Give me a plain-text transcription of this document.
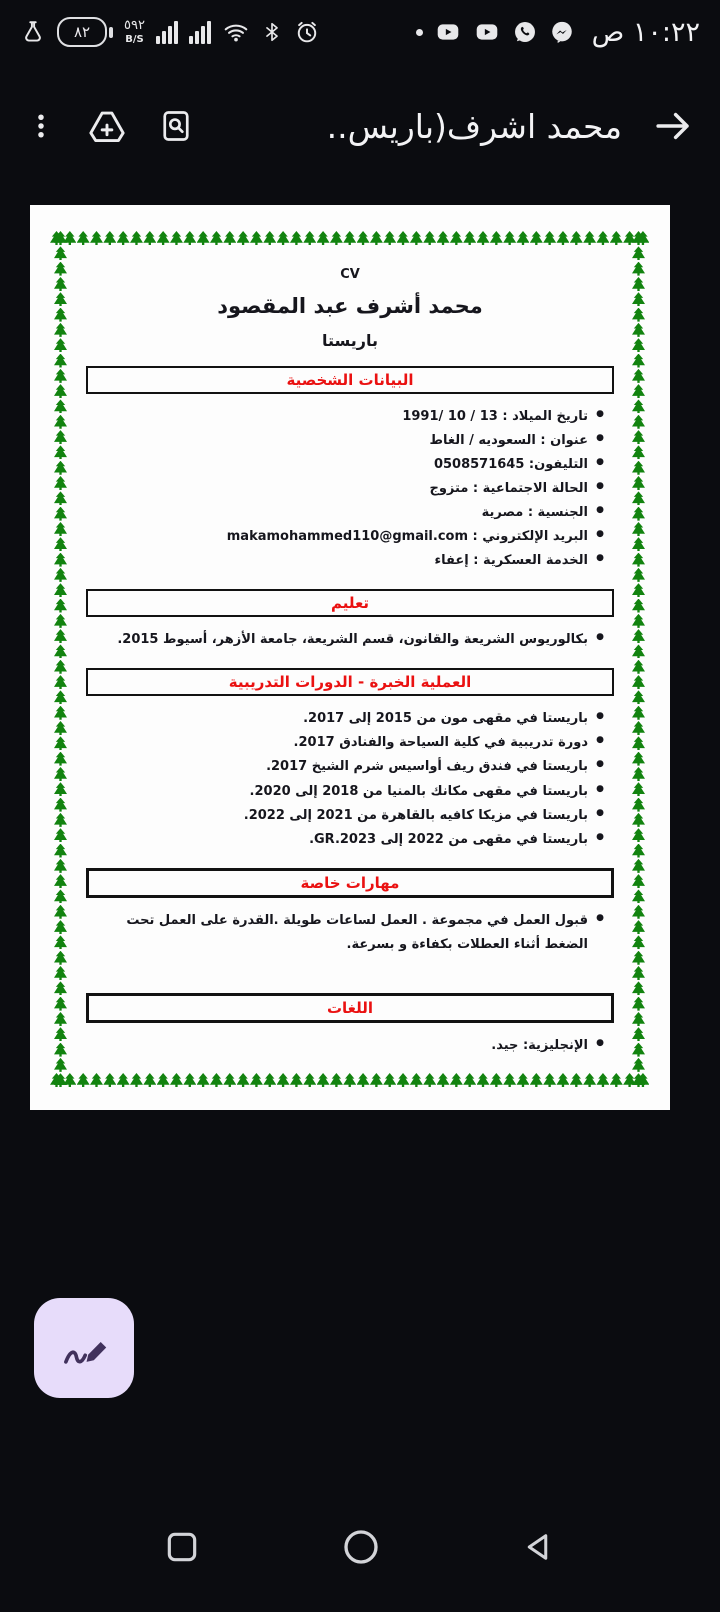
٨٢	٥٩٢
B/S	١٠:٢٢ ص
محمد اشرف(باريس..
CV
محمد أشرف عبد المقصود
باريستا
البيانات الشخصية
●
تاريخ الميلاد : 13 / 10 /1991
●
عنوان : السعوديه / الغاط
●
التليفون: 0508571645
●
الحالة الاجتماعية : متزوج
●
الجنسية : مصرية
●
البريد الإلكتروني : makamohammed110@gmail.com
●
الخدمة العسكرية : إعفاء
تعليم
●
بكالوريوس الشريعة والقانون، قسم الشريعة، جامعة الأزهر، أسيوط 2015.
العملية الخبرة - الدورات التدريبية
●
باريستا في مقهى مون من 2015 إلى 2017.
●
دورة تدريبية في كلية السياحة والفنادق 2017.
●
باريستا في فندق ريف أواسيس شرم الشيخ 2017.
●
باريستا في مقهى مكانك بالمنيا من 2018 إلى 2020.
●
باريستا في مزيكا كافيه بالقاهرة من 2021 إلى 2022.
●
باريستا في مقهى من 2022 إلى GR.2023.
مهارات خاصة
●
قبول العمل في مجموعة . العمل لساعات طويلة .القدرة على العمل تحت الضغط أثناء العطلات بكفاءة و بسرعة.
اللغات
●
الإنجليزية: جيد.
